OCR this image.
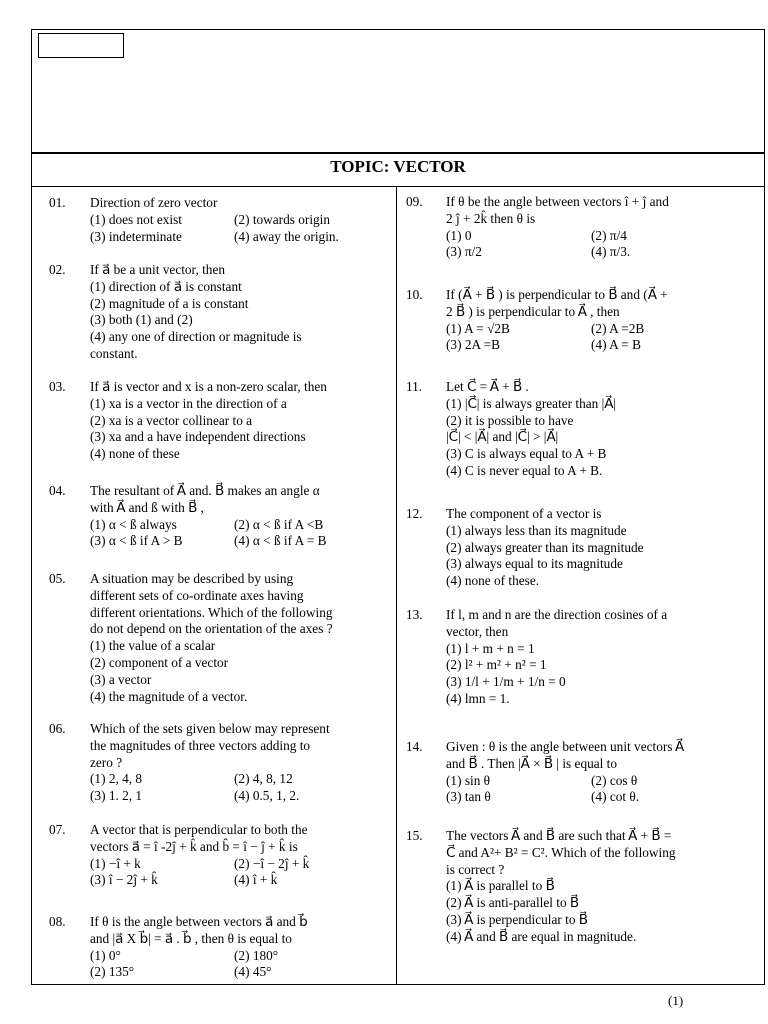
TOPIC: VECTOR
01. Direction of zero vector
(1) does not exist	(2) towards origin
(3) indeterminate	(4) away the origin.
02. If a⃗ be a unit vector, then
(1) direction of a⃗ is constant
(2) magnitude of a is constant
(3) both (1) and (2)
(4) any one of direction or magnitude is
constant.
03. If a⃗ is vector and x is a non-zero scalar, then
(1) xa is a vector in the direction of a
(2) xa is a vector collinear to a
(3) xa and a have independent directions
(4) none of these
04. The resultant of A⃗ and. B⃗ makes an angle α
with A⃗ and ß with B⃗ ,
(1) α < ß always	(2) α < ß if A <B
(3) α < ß if A > B	(4) α < ß if A = B
05. A situation may be described by using
different sets of co-ordinate axes having
different orientations. Which of the following
do not depend on the orientation of the axes ?
(1) the value of a scalar
(2) component of a vector
(3) a vector
(4) the magnitude of a vector.
06. Which of the sets given below may represent
the magnitudes of three vectors adding to
zero ?
(1) 2, 4, 8	(2) 4, 8, 12
(3) 1. 2, 1	(4) 0.5, 1, 2.
07. A vector that is perpendicular to both the
vectors a⃗ = î -2ĵ + k̂ and b̂ = î − ĵ + k̂ is
(1) −î + k	(2) −î − 2ĵ + k̂
(3) î − 2ĵ + k̂	(4) î + k̂
08. If θ is the angle between vectors a⃗ and b⃗
and |a⃗ X b⃗| = a⃗ . b⃗ , then θ is equal to
(1) 0°	(2) 180°
(2) 135°	(4) 45°
09. If θ be the angle between vectors î + ĵ and
2 ĵ + 2k̂ then θ is
(1) 0	(2) π/4
(3) π/2	(4) π/3.
10. If (A⃗ + B⃗ ) is perpendicular to B⃗ and (A⃗ +
2 B⃗ ) is perpendicular to A⃗ , then
(1) A = √2B	(2) A =2B
(3) 2A =B	(4) A = B
11. Let C⃗ = A⃗ + B⃗ .
(1) |C⃗| is always greater than |A⃗|
(2) it is possible to have
|C⃗| < |A⃗| and |C⃗| > |A⃗|
(3) C is always equal to A + B
(4) C is never equal to A + B.
12. The component of a vector is
(1) always less than its magnitude
(2) always greater than its magnitude
(3) always equal to its magnitude
(4) none of these.
13. If l, m and n are the direction cosines of a
vector, then
(1) l + m + n = 1
(2) l² + m² + n² = 1
(3) 1/l + 1/m + 1/n = 0
(4) lmn = 1.
14. Given : θ is the angle between unit vectors A⃗
and B⃗ . Then |A⃗ × B⃗ | is equal to
(1) sin θ	(2) cos θ
(3) tan θ	(4) cot θ.
15. The vectors A⃗ and B⃗ are such that A⃗ + B⃗ =
C⃗ and A²+ B² = C². Which of the following
is correct ?
(1) A⃗ is parallel to B⃗
(2) A⃗ is anti-parallel to B⃗
(3) A⃗ is perpendicular to B⃗
(4) A⃗ and B⃗ are equal in magnitude.
(1)
